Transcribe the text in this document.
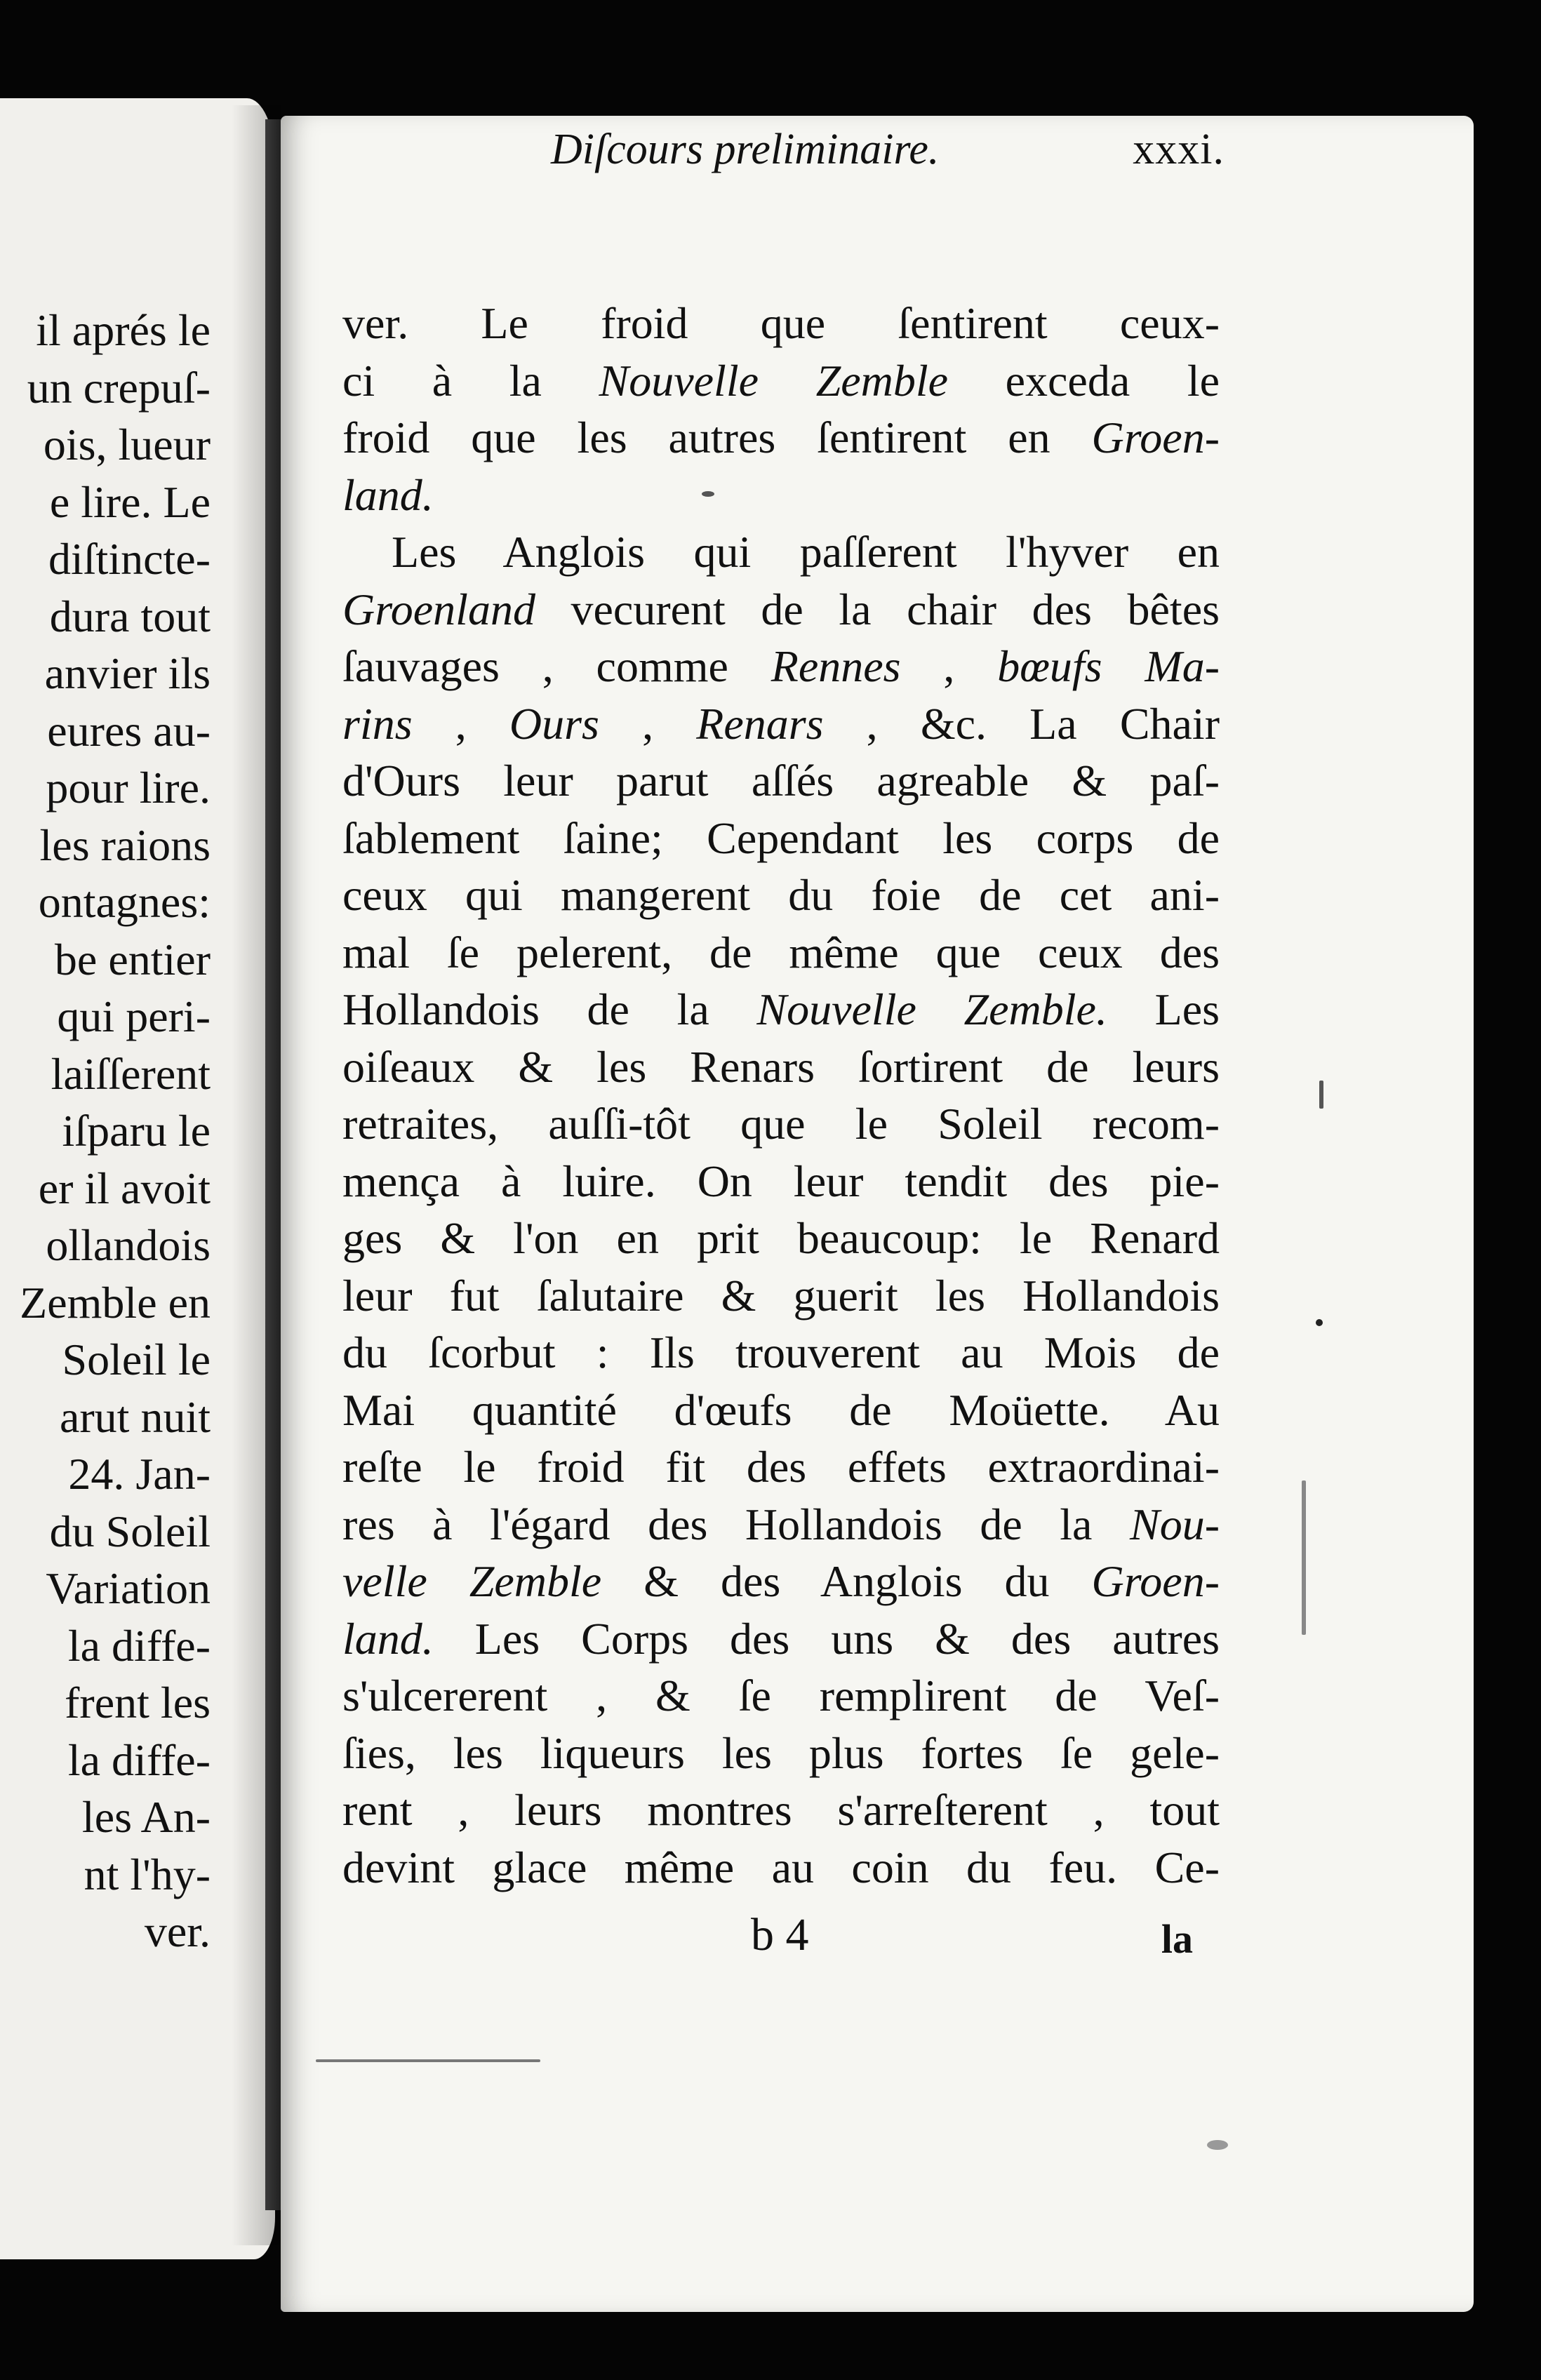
il aprés le
un crepuſ-
ois, lueur
e lire. Le
diſtincte-
dura tout
anvier ils
eures au-
pour lire.
les raions
ontagnes:
be entier
qui peri-
laiſſerent
iſparu le
er il avoit
ollandois
Zemble en
Soleil le
arut nuit
24. Jan-
du Soleil
Variation
la diffe-
frent les
la diffe-
les An-
nt l'hy-
ver.
Diſcours preliminaire.	xxxi.
ver. Le froid que ſentirent ceux-
ci à la Nouvelle Zemble exceda le
froid que les autres ſentirent en Groen-
land.
Les Anglois qui paſſerent l'hyver en
Groenland vecurent de la chair des bêtes
ſauvages , comme Rennes , bœufs Ma-
rins , Ours , Renars , &c. La Chair
d'Ours leur parut aſſés agreable & paſ-
ſablement ſaine; Cependant les corps de
ceux qui mangerent du foie de cet ani-
mal ſe pelerent, de même que ceux des
Hollandois de la Nouvelle Zemble. Les
oiſeaux & les Renars ſortirent de leurs
retraites, auſſi-tôt que le Soleil recom-
mença à luire. On leur tendit des pie-
ges & l'on en prit beaucoup: le Renard
leur fut ſalutaire & guerit les Hollandois
du ſcorbut : Ils trouverent au Mois de
Mai quantité d'œufs de Moüette. Au
reſte le froid fit des effets extraordinai-
res à l'égard des Hollandois de la Nou-
velle Zemble & des Anglois du Groen-
land. Les Corps des uns & des autres
s'ulcererent , & ſe remplirent de Veſ-
ſies, les liqueurs les plus fortes ſe gele-
rent , leurs montres s'arreſterent , tout
devint glace même au coin du feu. Ce-
b 4	la
